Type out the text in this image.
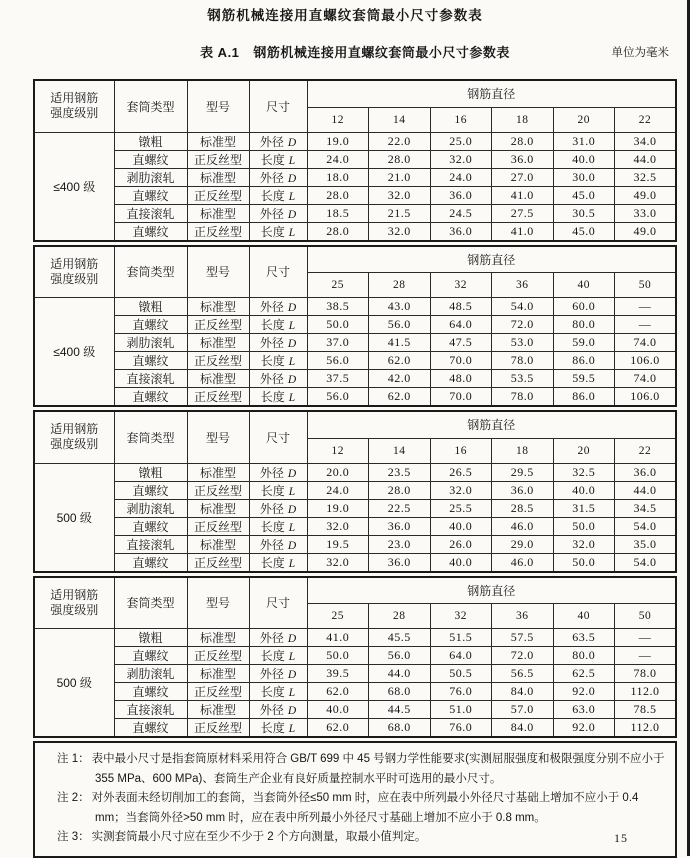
钢筋机械连接用直螺纹套筒最小尺寸参数表
表 A.1 钢筋机械连接用直螺纹套筒最小尺寸参数表	单位为毫米
适用钢筋
强度级别	套筒类型	型号	尺寸	钢筋直径					
				12	14	16	18	20	22
≤400 级	镦粗	标准型	外径 D	19.0	22.0	25.0	28.0	31.0	34.0
	直螺纹	正反丝型	长度 L	24.0	28.0	32.0	36.0	40.0	44.0
	剥肋滚轧	标准型	外径 D	18.0	21.0	24.0	27.0	30.0	32.5
	直螺纹	正反丝型	长度 L	28.0	32.0	36.0	41.0	45.0	49.0
	直接滚轧	标准型	外径 D	18.5	21.5	24.5	27.5	30.5	33.0
	直螺纹	正反丝型	长度 L	28.0	32.0	36.0	41.0	45.0	49.0
适用钢筋
强度级别	套筒类型	型号	尺寸	钢筋直径					
				25	28	32	36	40	50
≤400 级	镦粗	标准型	外径 D	38.5	43.0	48.5	54.0	60.0	—
	直螺纹	正反丝型	长度 L	50.0	56.0	64.0	72.0	80.0	—
	剥肋滚轧	标准型	外径 D	37.0	41.5	47.5	53.0	59.0	74.0
	直螺纹	正反丝型	长度 L	56.0	62.0	70.0	78.0	86.0	106.0
	直接滚轧	标准型	外径 D	37.5	42.0	48.0	53.5	59.5	74.0
	直螺纹	正反丝型	长度 L	56.0	62.0	70.0	78.0	86.0	106.0
适用钢筋
强度级别	套筒类型	型号	尺寸	钢筋直径					
				12	14	16	18	20	22
500 级	镦粗	标准型	外径 D	20.0	23.5	26.5	29.5	32.5	36.0
	直螺纹	正反丝型	长度 L	24.0	28.0	32.0	36.0	40.0	44.0
	剥肋滚轧	标准型	外径 D	19.0	22.5	25.5	28.5	31.5	34.5
	直螺纹	正反丝型	长度 L	32.0	36.0	40.0	46.0	50.0	54.0
	直接滚轧	标准型	外径 D	19.5	23.0	26.0	29.0	32.0	35.0
	直螺纹	正反丝型	长度 L	32.0	36.0	40.0	46.0	50.0	54.0
适用钢筋
强度级别	套筒类型	型号	尺寸	钢筋直径					
				25	28	32	36	40	50
500 级	镦粗	标准型	外径 D	41.0	45.5	51.5	57.5	63.5	—
	直螺纹	正反丝型	长度 L	50.0	56.0	64.0	72.0	80.0	—
	剥肋滚轧	标准型	外径 D	39.5	44.0	50.5	56.5	62.5	78.0
	直螺纹	正反丝型	长度 L	62.0	68.0	76.0	84.0	92.0	112.0
	直接滚轧	标准型	外径 D	40.0	44.5	51.0	57.0	63.0	78.5
	直螺纹	正反丝型	长度 L	62.0	68.0	76.0	84.0	92.0	112.0

注 1： 表中最小尺寸是指套筒原材料采用符合 GB/T 699 中 45 号钢力学性能要求(实测屈服强度和极限强度分别不应小于 355 MPa、600 MPa)、套筒生产企业有良好质量控制水平时可选用的最小尺寸。

注 2： 对外表面未经切削加工的套筒，当套筒外径≤50 mm 时，应在表中所列最小外径尺寸基础上增加不应小于 0.4 mm；当套筒外径>50 mm 时，应在表中所列最小外径尺寸基础上增加不应小于 0.8 mm。

注 3： 实测套筒最小尺寸应在至少不少于 2 个方向测量，取最小值判定。	15
